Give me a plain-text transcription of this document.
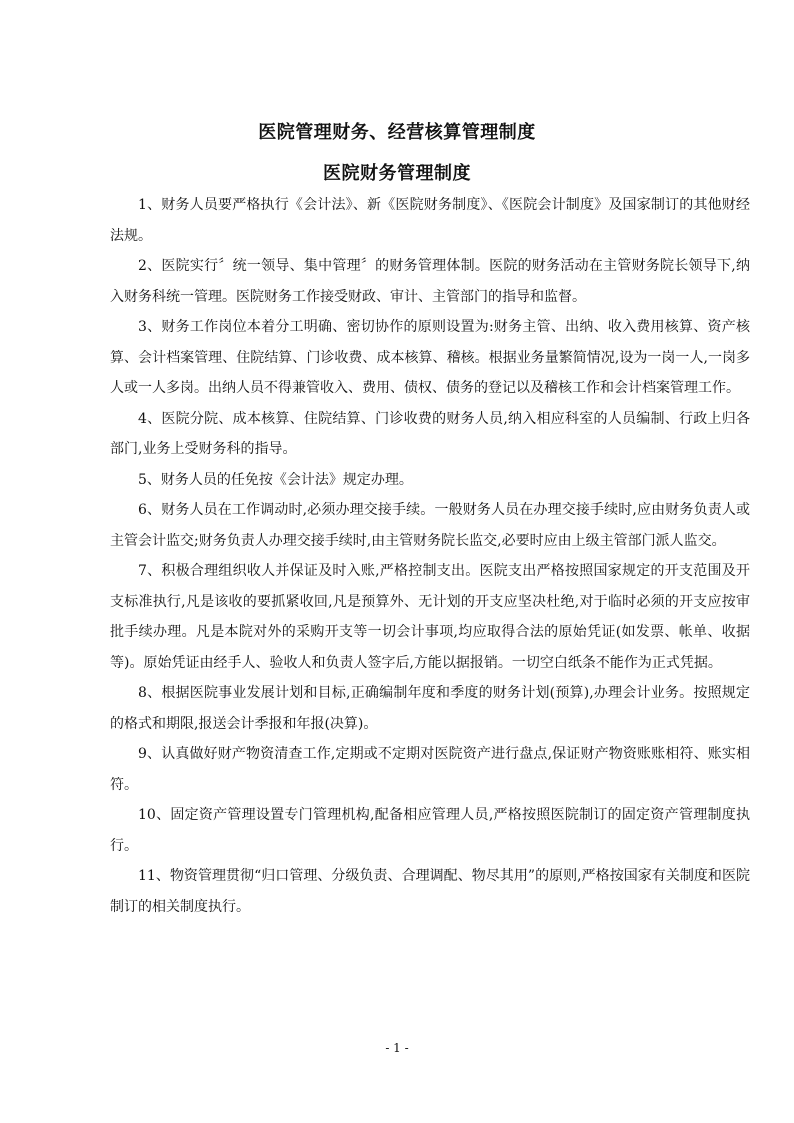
医院管理财务、经营核算管理制度
医院财务管理制度

1、财务人员要严格执行《会计法》、新《医院财务制度》、《医院会计制度》及国家制订的其他财经法规。

2、医院实行〞统一领导、集中管理〞的财务管理体制。医院的财务活动在主管财务院长领导下,纳入财务科统一管理。医院财务工作接受财政、审计、主管部门的指导和监督。

3、财务工作岗位本着分工明确、密切协作的原则设置为:财务主管、出纳、收入费用核算、资产核算、会计档案管理、住院结算、门诊收费、成本核算、稽核。根据业务量繁简情况,设为一岗一人,一岗多人或一人多岗。出纳人员不得兼管收入、费用、债权、债务的登记以及稽核工作和会计档案管理工作。

4、医院分院、成本核算、住院结算、门诊收费的财务人员,纳入相应科室的人员编制、行政上归各部门,业务上受财务科的指导。

5、财务人员的任免按《会计法》规定办理。

6、财务人员在工作调动时,必须办理交接手续。一般财务人员在办理交接手续时,应由财务负责人或主管会计监交;财务负责人办理交接手续时,由主管财务院长监交,必要时应由上级主管部门派人监交。

7、积极合理组织收人并保证及时入账,严格控制支出。医院支出严格按照国家规定的开支范围及开支标准执行,凡是该收的要抓紧收回,凡是预算外、无计划的开支应坚决杜绝,对于临时必须的开支应按审批手续办理。凡是本院对外的采购开支等一切会计事项,均应取得合法的原始凭证(如发票、帐单、收据等)。原始凭证由经手人、验收人和负责人签字后,方能以据报销。一切空白纸条不能作为正式凭据。

8、根据医院事业发展计划和目标,正确编制年度和季度的财务计划(预算),办理会计业务。按照规定的格式和期限,报送会计季报和年报(决算)。

9、认真做好财产物资清查工作,定期或不定期对医院资产进行盘点,保证财产物资账账相符、账实相符。

10、固定资产管理设置专门管理机构,配备相应管理人员,严格按照医院制订的固定资产管理制度执行。

11、物资管理贯彻“归口管理、分级负责、合理调配、物尽其用”的原则,严格按国家有关制度和医院制订的相关制度执行。

- 1 -
